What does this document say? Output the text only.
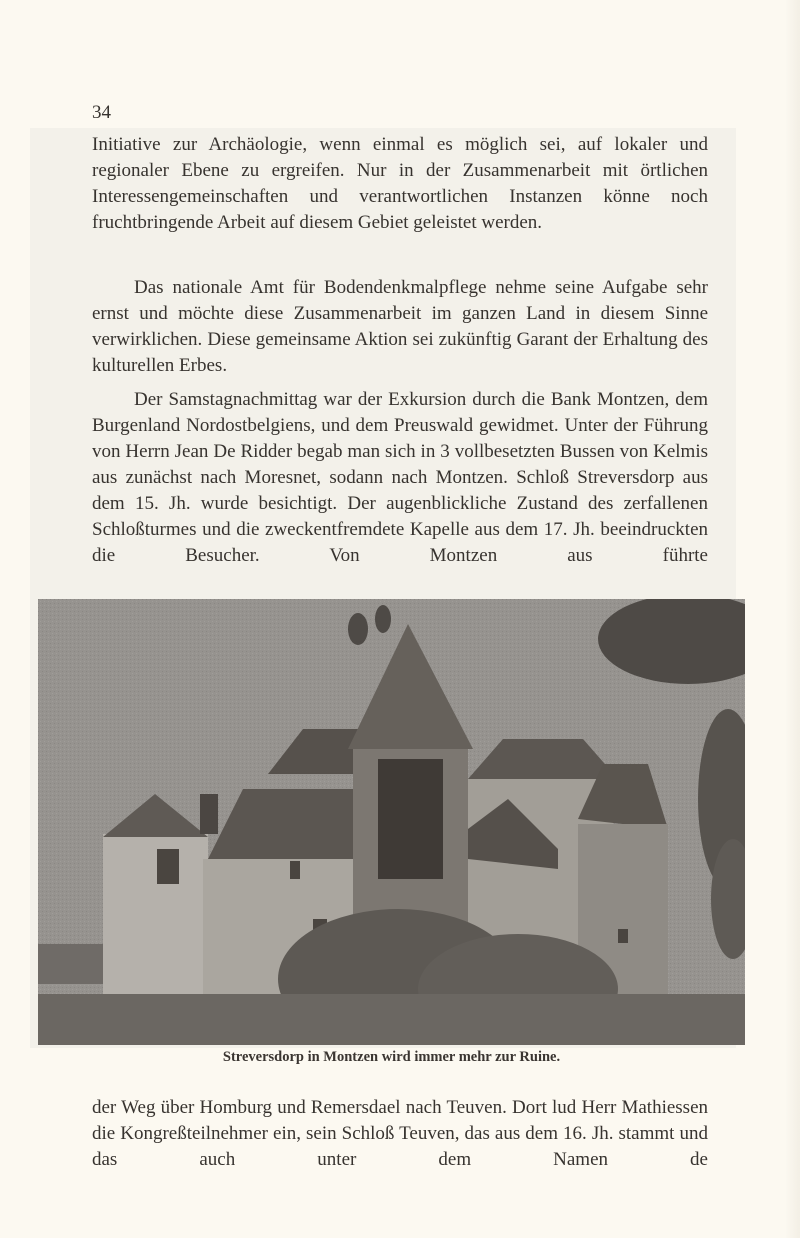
34

Initiative zur Archäologie, wenn einmal es möglich sei, auf lokaler und regionaler Ebene zu ergreifen. Nur in der Zusammenarbeit mit örtlichen Interessengemeinschaften und verantwortlichen Instanzen könne noch fruchtbringende Arbeit auf diesem Gebiet geleistet werden.

Das nationale Amt für Bodendenkmalpflege nehme seine Aufgabe sehr ernst und möchte diese Zusammenarbeit im ganzen Land in diesem Sinne verwirklichen. Diese gemeinsame Aktion sei zukünftig Garant der Erhaltung des kulturellen Erbes.

Der Samstagnachmittag war der Exkursion durch die Bank Montzen, dem Burgenland Nordostbelgiens, und dem Preuswald gewidmet. Unter der Führung von Herrn Jean De Ridder begab man sich in 3 vollbesetzten Bussen von Kelmis aus zunächst nach Moresnet, sodann nach Montzen. Schloß Streversdorp aus dem 15. Jh. wurde besichtigt. Der augenblickliche Zustand des zerfallenen Schloßturmes und die zweckentfremdete Kapelle aus dem 17. Jh. beeindruckten die Besucher. Von Montzen aus führte

Streversdorp in Montzen wird immer mehr zur Ruine.

der Weg über Homburg und Remersdael nach Teuven. Dort lud Herr Mathiessen die Kongreßteilnehmer ein, sein Schloß Teuven, das aus dem 16. Jh. stammt und das auch unter dem Namen de
